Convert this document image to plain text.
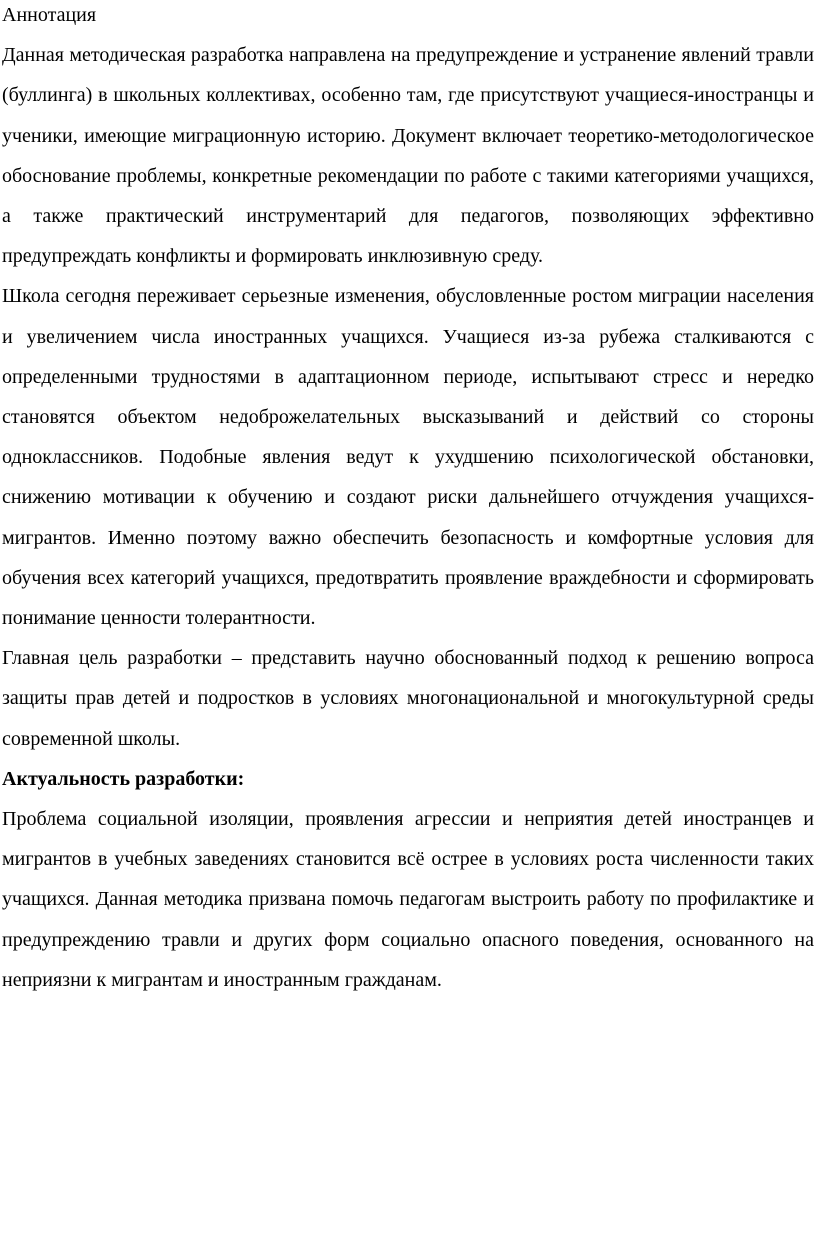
Аннотация

Данная методическая разработка направлена на предупреждение и устранение явлений травли (буллинга) в школьных коллективах, особенно там, где присутствуют учащиеся-иностранцы и ученики, имеющие миграционную историю. Документ включает теоретико-методологическое обоснование проблемы, конкретные рекомендации по работе с такими категориями учащихся, а также практический инструментарий для педагогов, позволяющих эффективно предупреждать конфликты и формировать инклюзивную среду.

Школа сегодня переживает серьезные изменения, обусловленные ростом миграции населения и увеличением числа иностранных учащихся. Учащиеся из-за рубежа сталкиваются с определенными трудностями в адаптационном периоде, испытывают стресс и нередко становятся объектом недоброжелательных высказываний и действий со стороны одноклассников. Подобные явления ведут к ухудшению психологической обстановки, снижению мотивации к обучению и создают риски дальнейшего отчуждения учащихся-мигрантов. Именно поэтому важно обеспечить безопасность и комфортные условия для обучения всех категорий учащихся, предотвратить проявление враждебности и сформировать понимание ценности толерантности.

Главная цель разработки – представить научно обоснованный подход к решению вопроса защиты прав детей и подростков в условиях многонациональной и многокультурной среды современной школы.

Актуальность разработки:

Проблема социальной изоляции, проявления агрессии и неприятия детей иностранцев и мигрантов в учебных заведениях становится всё острее в условиях роста численности таких учащихся. Данная методика призвана помочь педагогам выстроить работу по профилактике и предупреждению травли и других форм социально опасного поведения, основанного на неприязни к мигрантам и иностранным гражданам.
